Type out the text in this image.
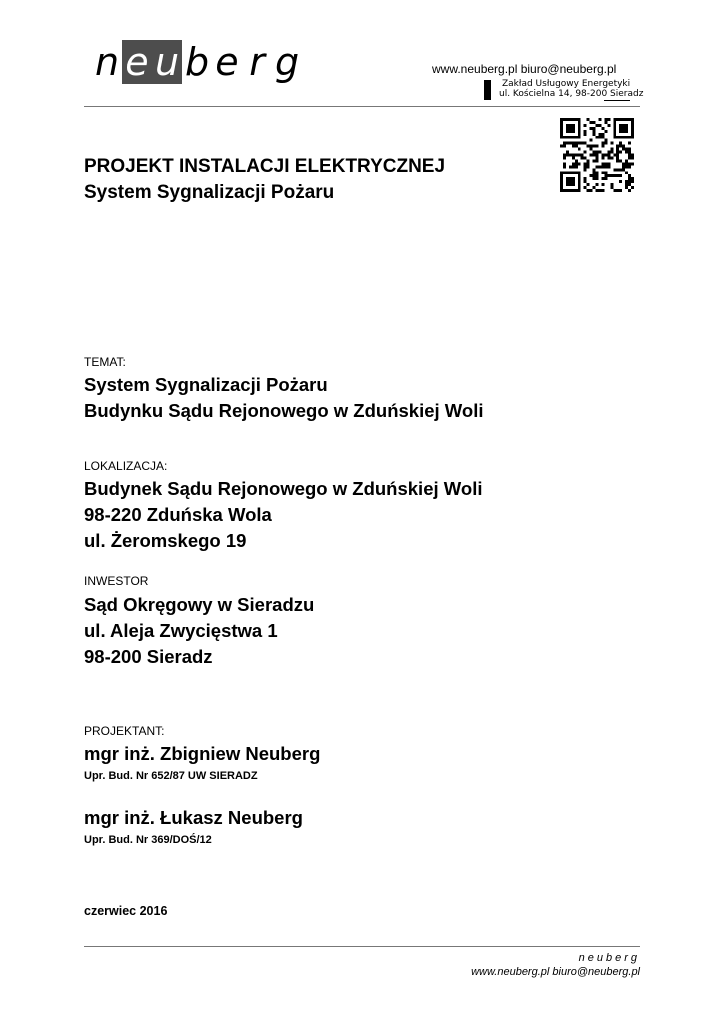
n e u b e r g	www.neuberg.pl biuro@neuberg.pl
Zakład Usługowy Energetyki
ul. Kościelna 14, 98-200 Sieradz
PROJEKT INSTALACJI ELEKTRYCZNEJ
System Sygnalizacji Pożaru
TEMAT:
System Sygnalizacji Pożaru
Budynku Sądu Rejonowego w Zduńskiej Woli
LOKALIZACJA:
Budynek Sądu Rejonowego w Zduńskiej Woli
98-220 Zduńska Wola
ul. Żeromskego 19
INWESTOR
Sąd Okręgowy w Sieradzu
ul. Aleja Zwycięstwa 1
98-200 Sieradz
PROJEKTANT:
mgr inż. Zbigniew Neuberg
Upr. Bud. Nr 652/87 UW SIERADZ
mgr inż. Łukasz Neuberg
Upr. Bud. Nr 369/DOŚ/12
czerwiec 2016
neuberg
www.neuberg.pl biuro@neuberg.pl
